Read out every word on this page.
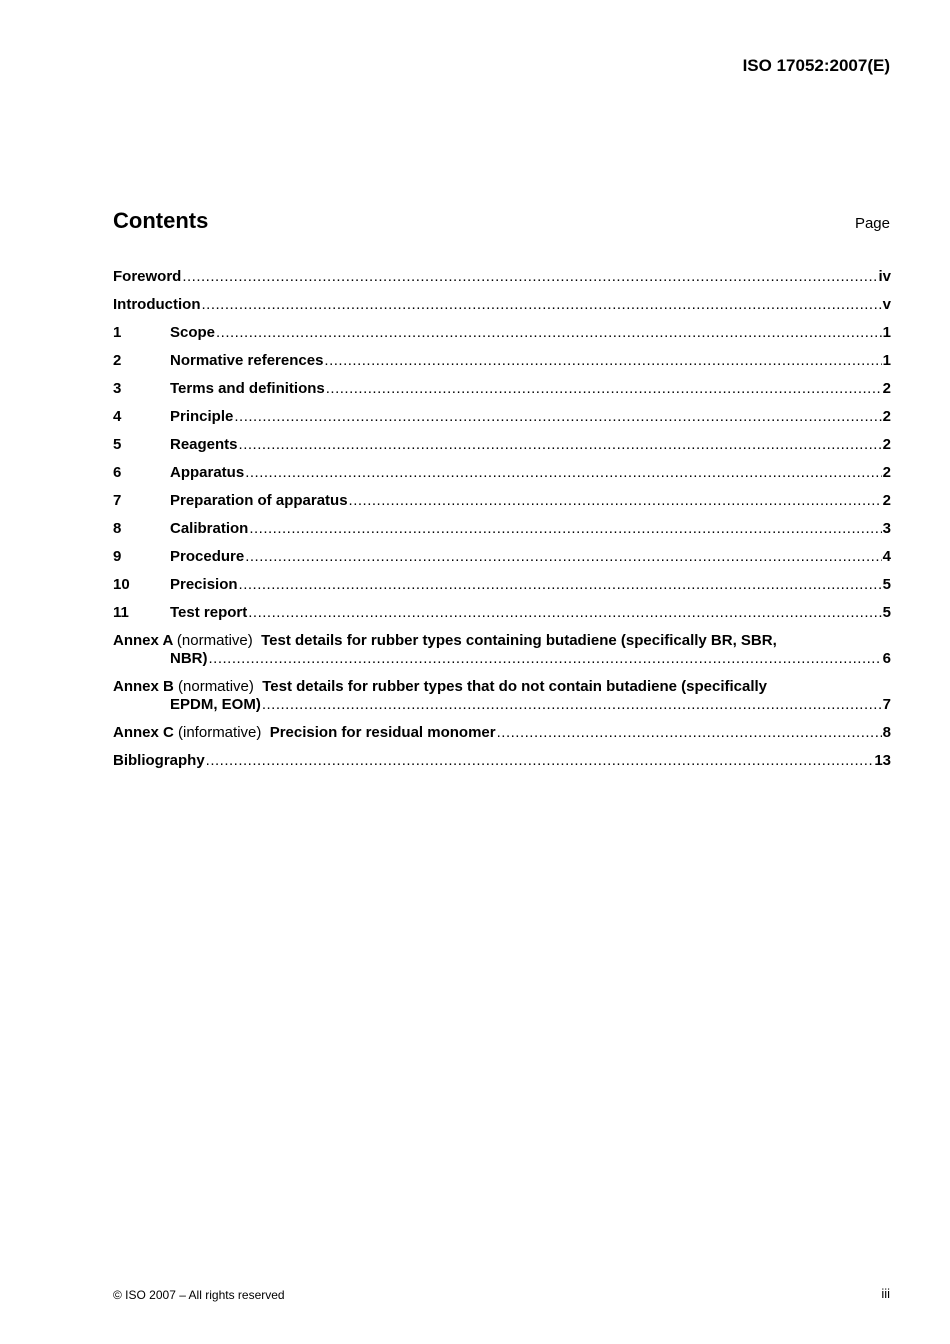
ISO 17052:2007(E)
Contents	Page
Foreword .....	iv
Introduction .....	v
1	Scope .....	1
2	Normative references .....	1
3	Terms and definitions .....	2
4	Principle .....	2
5	Reagents .....	2
6	Apparatus .....	2
7	Preparation of apparatus .....	2
8	Calibration .....	3
9	Procedure .....	4
10	Precision .....	5
11	Test report .....	5
Annex A (normative) Test details for rubber types containing butadiene (specifically BR, SBR,
NBR) .....	6
Annex B (normative) Test details for rubber types that do not contain butadiene (specifically
EPDM, EOM) .....	7
Annex C (informative) Precision for residual monomer .....	8
Bibliography .....	13
© ISO 2007 – All rights reserved	iii
